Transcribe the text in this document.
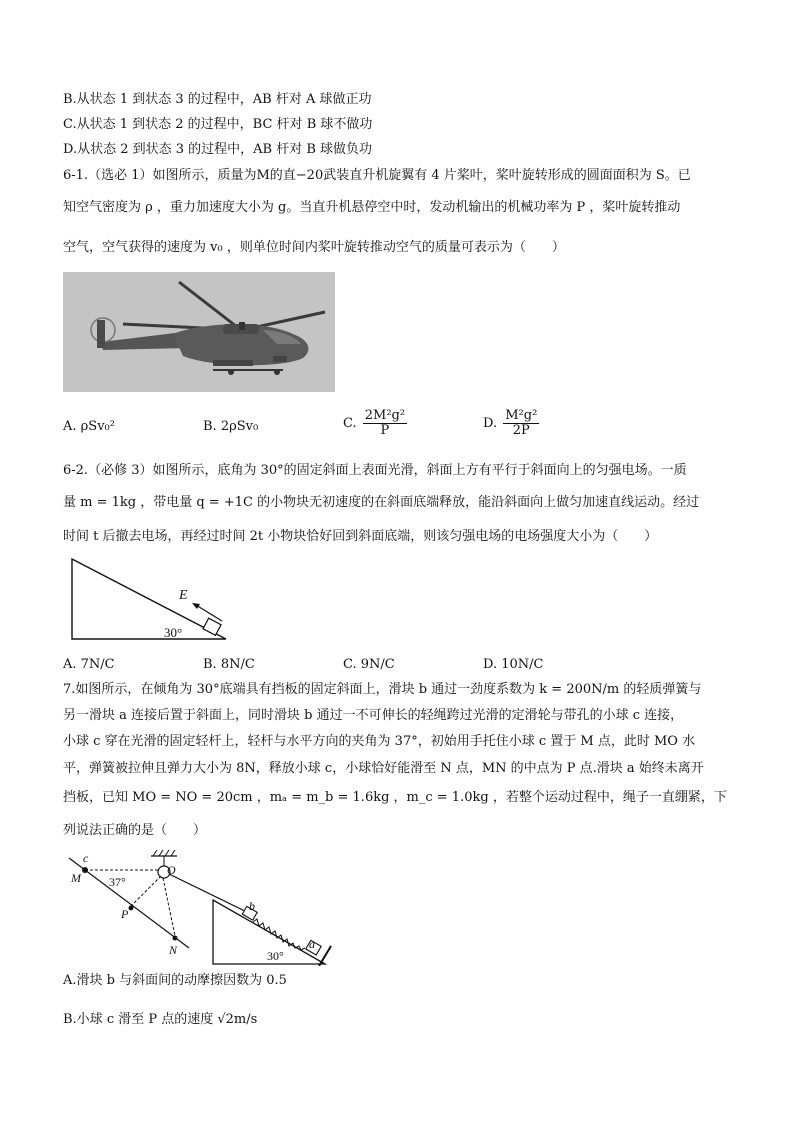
B.从状态 1 到状态 3 的过程中，AB 杆对 A 球做正功
C.从状态 1 到状态 2 的过程中，BC 杆对 B 球不做功
D.从状态 2 到状态 3 的过程中，AB 杆对 B 球做负功
6-1.（选必 1）如图所示，质量为M的直−20武装直升机旋翼有 4 片桨叶，桨叶旋转形成的圆面面积为 S。已
知空气密度为 ρ ，重力加速度大小为 g。当直升机悬停空中时，发动机输出的机械功率为 P ，桨叶旋转推动
空气，空气获得的速度为 v₀ ，则单位时间内桨叶旋转推动空气的质量可表示为（　　）
A. ρSv₀²	B. 2ρSv₀	C. $\frac{\text{2M²g²}}{P}$	D. $\frac{\text{M²g²}}{2P}$
6-2.（必修 3）如图所示，底角为 30°的固定斜面上表面光滑，斜面上方有平行于斜面向上的匀强电场。一质
量 m = 1kg ，带电量 q = +1C 的小物块无初速度的在斜面底端释放，能沿斜面向上做匀加速直线运动。经过
时间 t 后撤去电场，再经过时间 2t 小物块恰好回到斜面底端，则该匀强电场的电场强度大小为（　　）
E
30°
A. 7N/C	B. 8N/C	C. 9N/C	D. 10N/C
7.如图所示，在倾角为 30°底端具有挡板的固定斜面上，滑块 b 通过一劲度系数为 k = 200N/m 的轻质弹簧与
另一滑块 a 连接后置于斜面上，同时滑块 b 通过一不可伸长的轻绳跨过光滑的定滑轮与带孔的小球 c 连接，
小球 c 穿在光滑的固定轻杆上，轻杆与水平方向的夹角为 37°，初始用手托住小球 c 置于 M 点，此时 MO 水
平，弹簧被拉伸且弹力大小为 8N，释放小球 c，小球恰好能滑至 N 点，MN 的中点为 P 点.滑块 a 始终未离开
挡板，已知 MO = NO = 20cm ，mₐ = m_b = 1.6kg ，m_c = 1.0kg ，若整个运动过程中，绳子一直绷紧，下
列说法正确的是（　　）
c
M
O
P
N
b
a
37°
30°
A.滑块 b 与斜面间的动摩擦因数为 0.5
B.小球 c 滑至 P 点的速度 √2m/s
